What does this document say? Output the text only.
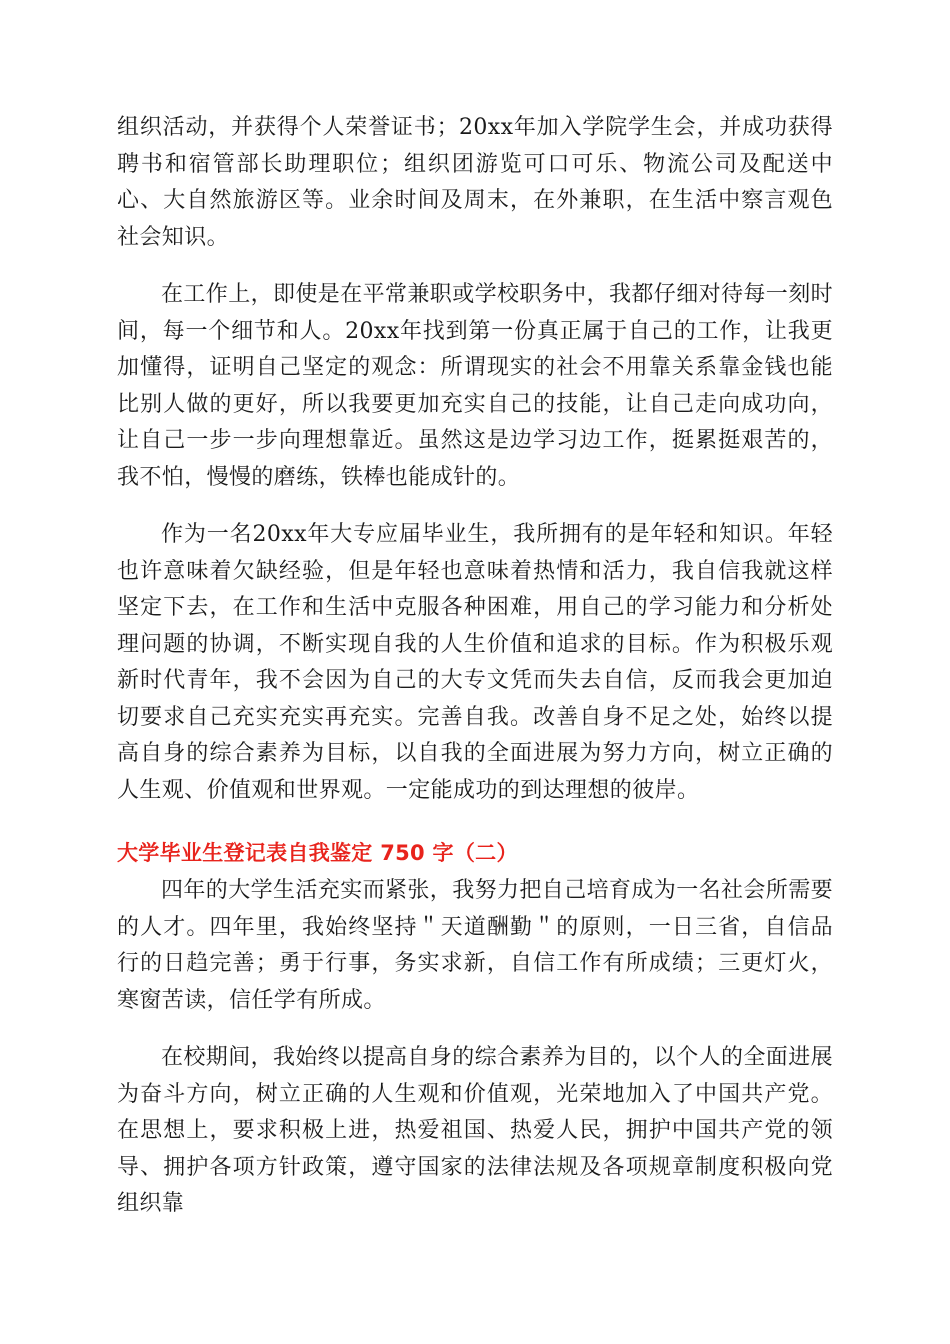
组织活动，并获得个人荣誉证书；20xx年加入学院学生会，并成功获得聘书和宿管部长助理职位；组织团游览可口可乐、物流公司及配送中心、大自然旅游区等。业余时间及周末，在外兼职，在生活中察言观色社会知识。

在工作上，即使是在平常兼职或学校职务中，我都仔细对待每一刻时间，每一个细节和人。20xx年找到第一份真正属于自己的工作，让我更加懂得，证明自己坚定的观念：所谓现实的社会不用靠关系靠金钱也能比别人做的更好，所以我要更加充实自己的技能，让自己走向成功向，让自己一步一步向理想靠近。虽然这是边学习边工作，挺累挺艰苦的，我不怕，慢慢的磨练，铁棒也能成针的。

作为一名20xx年大专应届毕业生，我所拥有的是年轻和知识。年轻也许意味着欠缺经验，但是年轻也意味着热情和活力，我自信我就这样坚定下去，在工作和生活中克服各种困难，用自己的学习能力和分析处理问题的协调，不断实现自我的人生价值和追求的目标。作为积极乐观新时代青年，我不会因为自己的大专文凭而失去自信，反而我会更加迫切要求自己充实充实再充实。完善自我。改善自身不足之处，始终以提高自身的综合素养为目标，以自我的全面进展为努力方向，树立正确的人生观、价值观和世界观。一定能成功的到达理想的彼岸。

大学毕业生登记表自我鉴定 750 字（二）

四年的大学生活充实而紧张，我努力把自己培育成为一名社会所需要的人才。四年里，我始终坚持＂天道酬勤＂的原则，一日三省，自信品行的日趋完善；勇于行事，务实求新，自信工作有所成绩；三更灯火，寒窗苦读，信任学有所成。

在校期间，我始终以提高自身的综合素养为目的，以个人的全面进展为奋斗方向，树立正确的人生观和价值观，光荣地加入了中国共产党。在思想上，要求积极上进，热爱祖国、热爱人民，拥护中国共产党的领导、拥护各项方针政策，遵守国家的法律法规及各项规章制度积极向党组织靠
